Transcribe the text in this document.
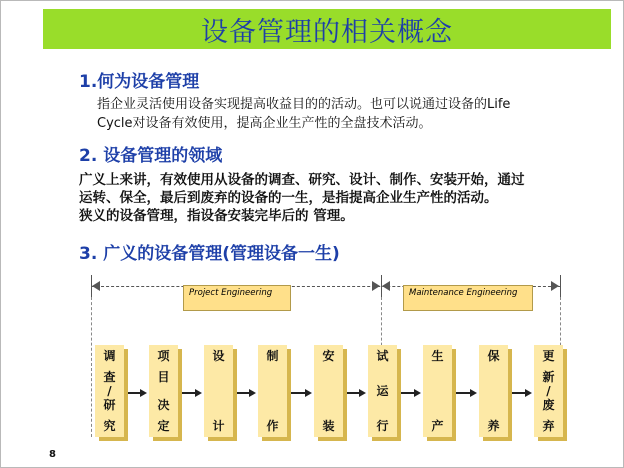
设备管理的相关概念
1.何为设备管理
指企业灵活使用设备实现提高收益目的的活动。也可以说通过设备的Life
Cycle对设备有效使用，提高企业生产性的全盘技术活动。
2. 设备管理的领域
广义上来讲，有效使用从设备的调查、研究、设计、制作、安装开始，通过
运转、保全，最后到废弃的设备的一生，是指提高企业生产性的活动。
狭义的设备管理，指设备安装完毕后的 管理。
3. 广义的设备管理(管理设备一生)
Project Engineering	Maintenance Engineering
调
查
/
研
究
项
目

决
定
设
计
制
作
安
装
试
运
行
生
产
保
养
更
新
/
废
弃
8
